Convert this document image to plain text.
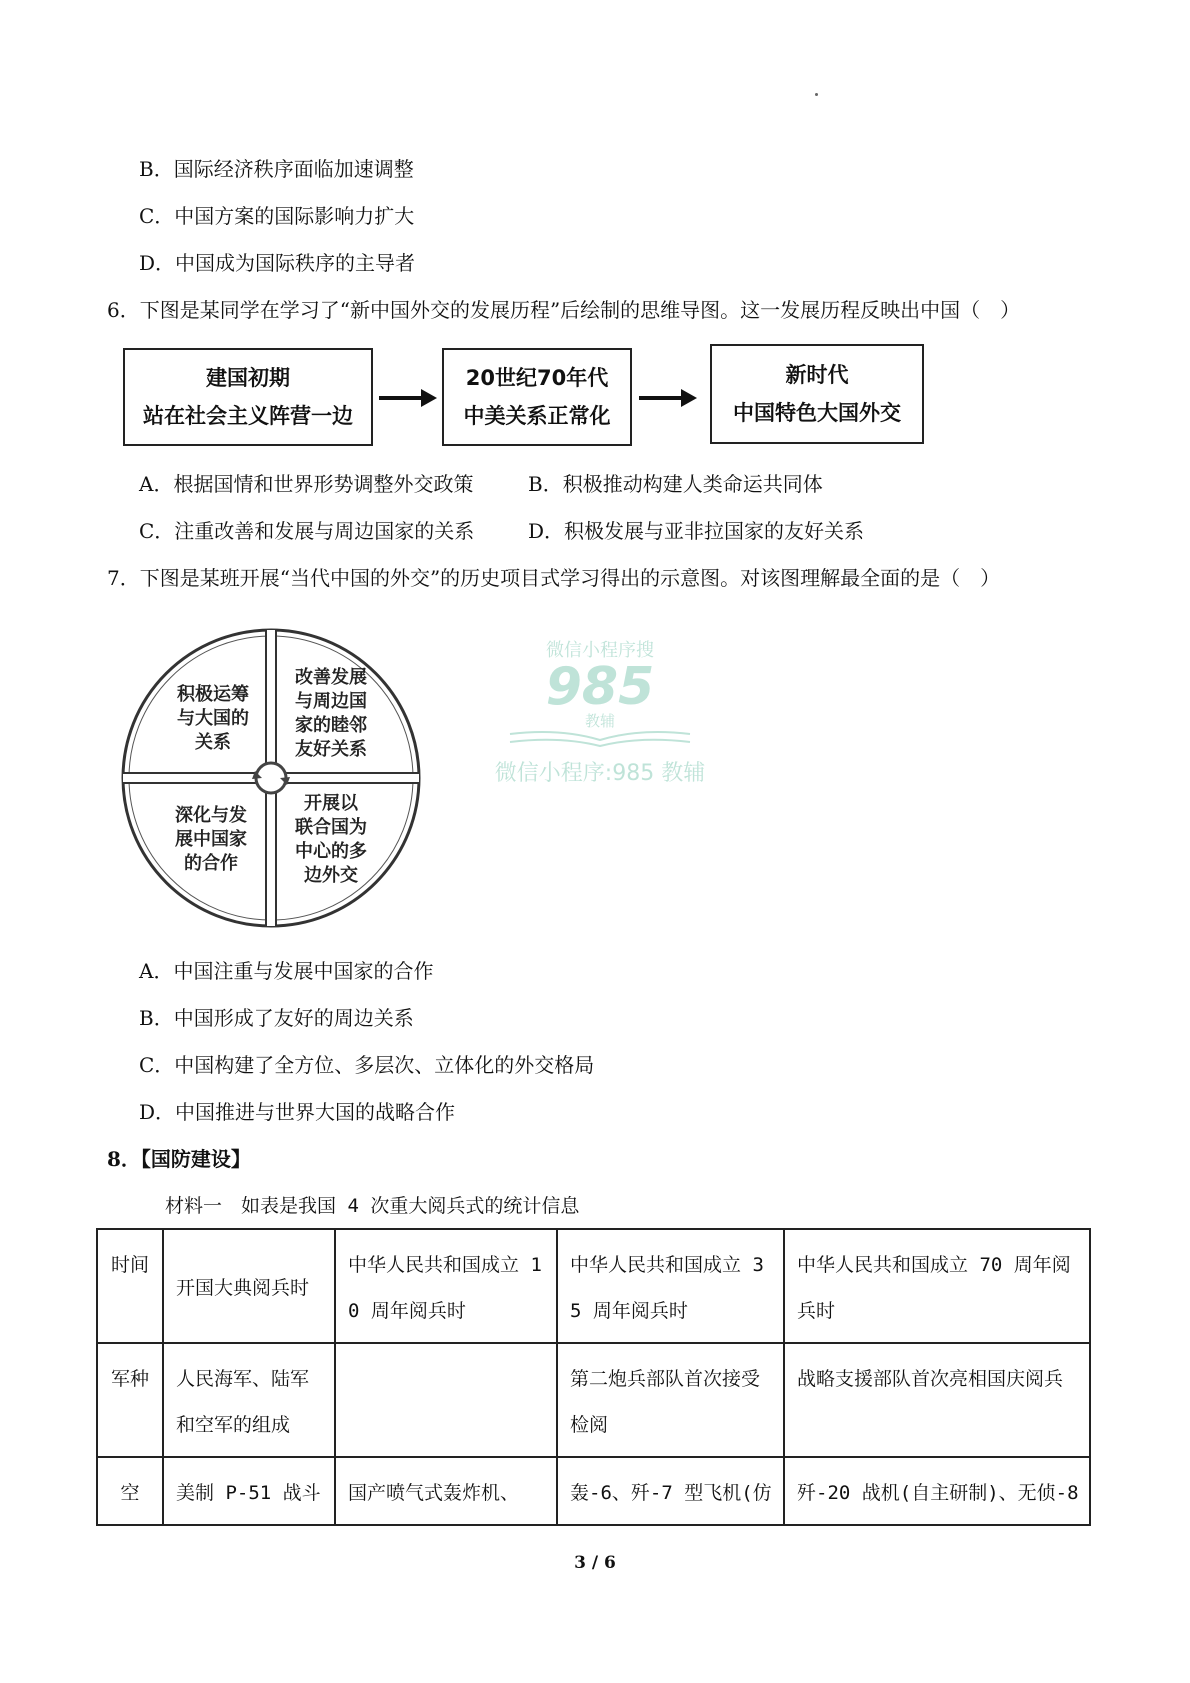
B．国际经济秩序面临加速调整
C．中国方案的国际影响力扩大
D．中国成为国际秩序的主导者
6．下图是某同学在学习了“新中国外交的发展历程”后绘制的思维导图。这一发展历程反映出中国（　）
建国初期
站在社会主义阵营一边
20世纪70年代
中美关系正常化
新时代
中国特色大国外交
A．根据国情和世界形势调整外交政策	B．积极推动构建人类命运共同体
C．注重改善和发展与周边国家的关系	D．积极发展与亚非拉国家的友好关系
7．下图是某班开展“当代中国的外交”的历史项目式学习得出的示意图。对该图理解最全面的是（　）
积极运筹
与大国的
关系
改善发展
与周边国
家的睦邻
友好关系
深化与发
展中国家
的合作
开展以
联合国为
中心的多
边外交
微信小程序搜
985
教辅
微信小程序:985 教辅
A．中国注重与发展中国家的合作
B．中国形成了友好的周边关系
C．中国构建了全方位、多层次、立体化的外交格局
D．中国推进与世界大国的战略合作
8．【国防建设】
材料一　如表是我国 4 次重大阅兵式的统计信息
时间	开国大典阅兵时	中华人民共和国成立 10 周年阅兵时	中华人民共和国成立 35 周年阅兵时	中华人民共和国成立 70 周年阅兵时
军种	人民海军、陆军和空军的组成		第二炮兵部队首次接受检阅	战略支援部队首次亮相国庆阅兵
空	美制 P-51 战斗	国产喷气式轰炸机、	轰-6、歼-7 型飞机(仿	歼-20 战机(自主研制)、无侦-8
3 / 6
